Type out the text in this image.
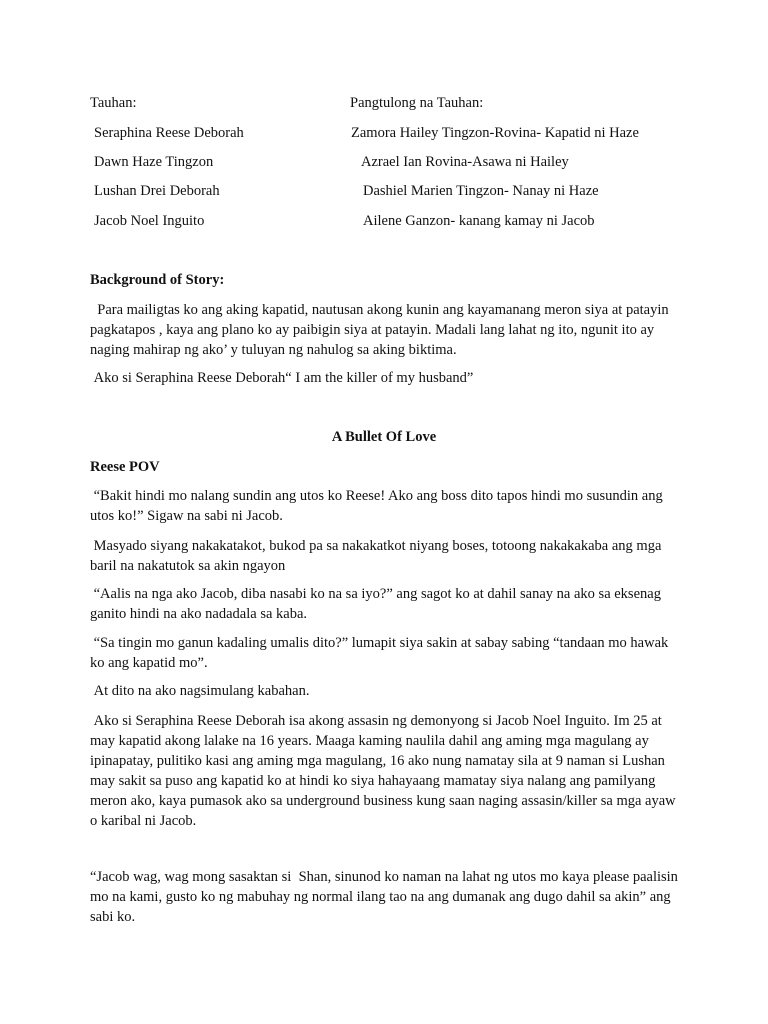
Tauhan:
Seraphina Reese Deborah
Dawn Haze Tingzon
Lushan Drei Deborah
Jacob Noel Inguito
Pangtulong na Tauhan:
Zamora Hailey Tingzon-Rovina- Kapatid ni Haze
Azrael Ian Rovina-Asawa ni Hailey
Dashiel Marien Tingzon- Nanay ni Haze
Ailene Ganzon- kanang kamay ni Jacob
Background of Story:

Para mailigtas ko ang aking kapatid, nautusan akong kunin ang kayamanang meron siya at patayin pagkatapos , kaya ang plano ko ay paibigin siya at patayin. Madali lang lahat ng ito, ngunit ito ay naging mahirap ng ako’ y tuluyan ng nahulog sa aking biktima.

Ako si Seraphina Reese Deborah“ I am the killer of my husband”

A Bullet Of Love
Reese POV

“Bakit hindi mo nalang sundin ang utos ko Reese! Ako ang boss dito tapos hindi mo susundin ang utos ko!” Sigaw na sabi ni Jacob.

Masyado siyang nakakatakot, bukod pa sa nakakatkot niyang boses, totoong nakakakaba ang mga baril na nakatutok sa akin ngayon

“Aalis na nga ako Jacob, diba nasabi ko na sa iyo?” ang sagot ko at dahil sanay na ako sa eksenag ganito hindi na ako nadadala sa kaba.

“Sa tingin mo ganun kadaling umalis dito?” lumapit siya sakin at sabay sabing “tandaan mo hawak ko ang kapatid mo”.

At dito na ako nagsimulang kabahan.

Ako si Seraphina Reese Deborah isa akong assasin ng demonyong si Jacob Noel Inguito. Im 25 at may kapatid akong lalake na 16 years. Maaga kaming naulila dahil ang aming mga magulang ay ipinapatay, pulitiko kasi ang aming mga magulang, 16 ako nung namatay sila at 9 naman si Lushan may sakit sa puso ang kapatid ko at hindi ko siya hahayaang mamatay siya nalang ang pamilyang meron ako, kaya pumasok ako sa underground business kung saan naging assasin/killer sa mga ayaw o karibal ni Jacob.

“Jacob wag, wag mong sasaktan si  Shan, sinunod ko naman na lahat ng utos mo kaya please paalisin mo na kami, gusto ko ng mabuhay ng normal ilang tao na ang dumanak ang dugo dahil sa akin” ang sabi ko.
